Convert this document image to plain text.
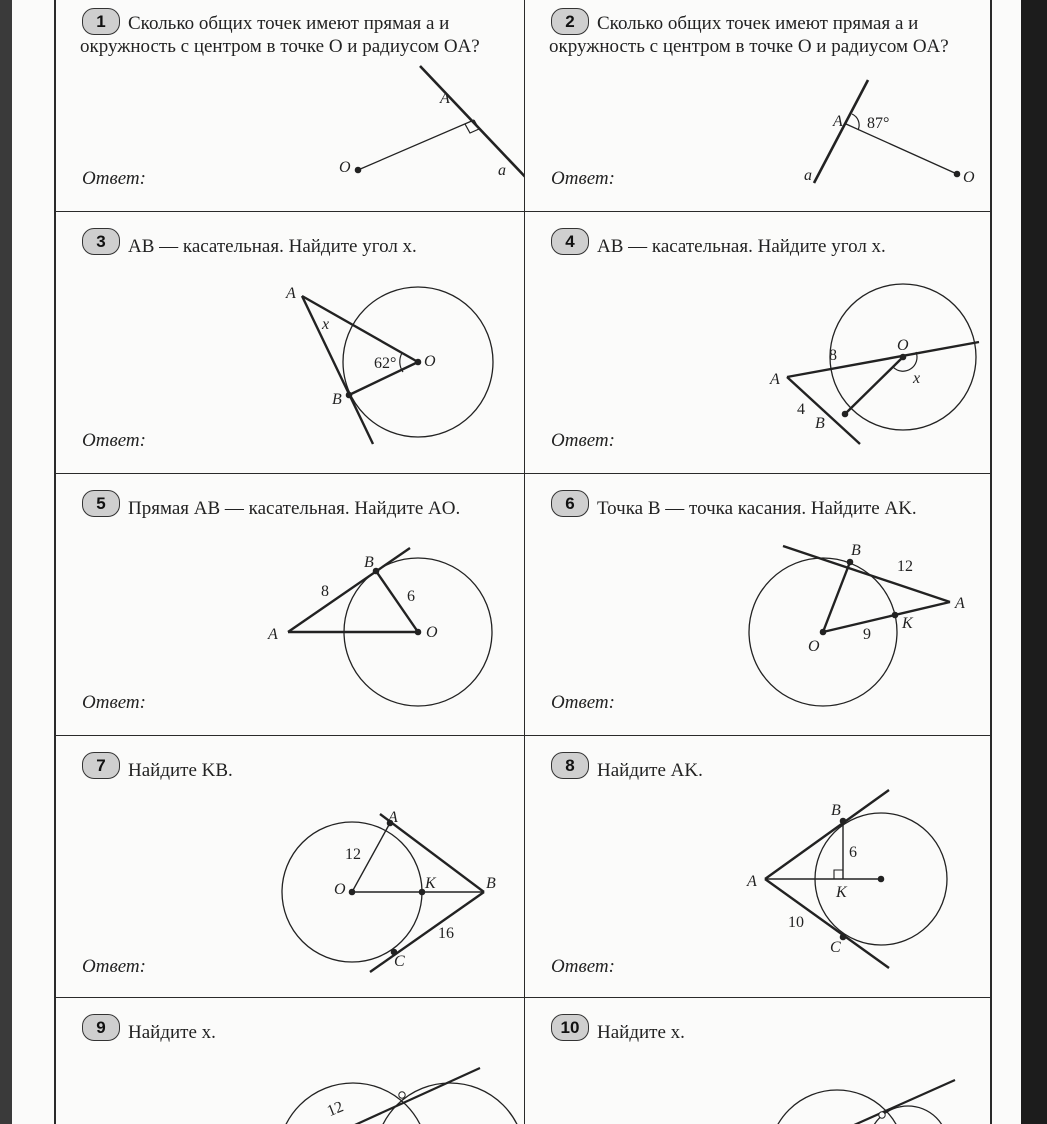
1	Сколько общих точек имеют прямая a и окружность с центром в точке O и радиусом OA?
A
O	a
Ответ:
2	Сколько общих точек имеют прямая a и окружность с центром в точке O и радиусом OA?
A 87°
O
a
Ответ:
3	AB — касательная. Найдите угол x.
A
x
62° O
B
Ответ:
4	AB — касательная. Найдите угол x.
A
8
O
x
4
B
Ответ:
5	Прямая AB — касательная. Найдите AO.
B
8	6
A	O
Ответ:
6	Точка B — точка касания. Найдите AK.
B
12
A
K
9
O
Ответ:
7	Найдите KB.
A
12
O	K	B
16
C
Ответ:
8	Найдите AK.
B
6
A
K
10
C
Ответ:
9	Найдите x.
12
10 Найдите x.
